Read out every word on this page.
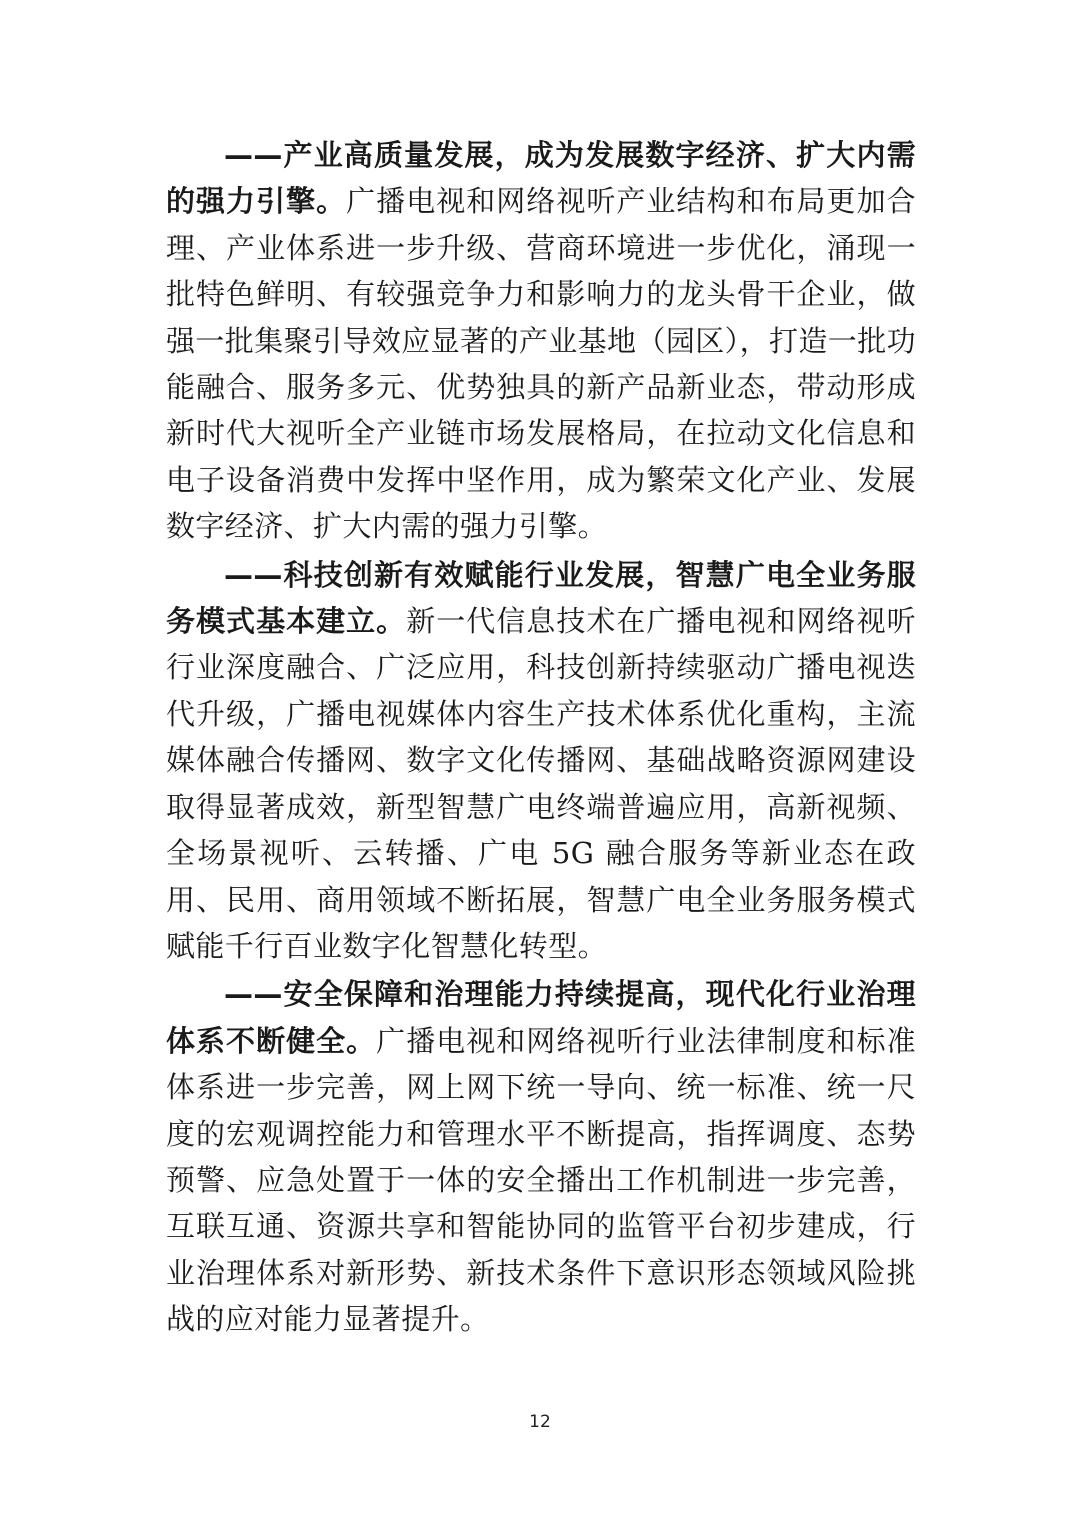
——产业高质量发展，成为发展数字经济、扩大内需的强力引擎。广播电视和网络视听产业结构和布局更加合理、产业体系进一步升级、营商环境进一步优化，涌现一批特色鲜明、有较强竞争力和影响力的龙头骨干企业，做强一批集聚引导效应显著的产业基地（园区），打造一批功能融合、服务多元、优势独具的新产品新业态，带动形成新时代大视听全产业链市场发展格局，在拉动文化信息和电子设备消费中发挥中坚作用，成为繁荣文化产业、发展数字经济、扩大内需的强力引擎。

——科技创新有效赋能行业发展，智慧广电全业务服务模式基本建立。新一代信息技术在广播电视和网络视听行业深度融合、广泛应用，科技创新持续驱动广播电视迭代升级，广播电视媒体内容生产技术体系优化重构，主流媒体融合传播网、数字文化传播网、基础战略资源网建设取得显著成效，新型智慧广电终端普遍应用，高新视频、全场景视听、云转播、广电 5G 融合服务等新业态在政用、民用、商用领域不断拓展，智慧广电全业务服务模式赋能千行百业数字化智慧化转型。

——安全保障和治理能力持续提高，现代化行业治理体系不断健全。广播电视和网络视听行业法律制度和标准体系进一步完善，网上网下统一导向、统一标准、统一尺度的宏观调控能力和管理水平不断提高，指挥调度、态势预警、应急处置于一体的安全播出工作机制进一步完善，互联互通、资源共享和智能协同的监管平台初步建成，行业治理体系对新形势、新技术条件下意识形态领域风险挑战的应对能力显著提升。

12
